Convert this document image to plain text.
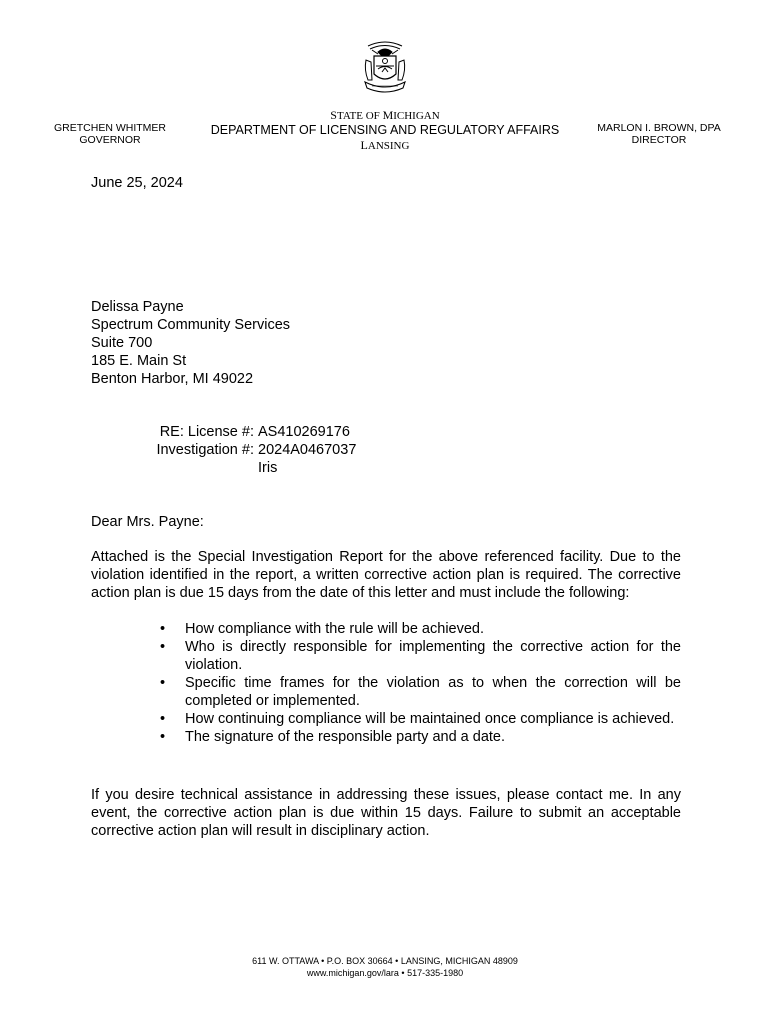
GRETCHEN WHITMER
GOVERNOR
STATE OF MICHIGAN
DEPARTMENT OF LICENSING AND REGULATORY AFFAIRS
LANSING
MARLON I. BROWN, DPA
DIRECTOR
June 25, 2024
Delissa Payne
Spectrum Community Services
Suite 700
185 E. Main St
Benton Harbor, MI 49022
RE: License #: AS410269176
Investigation #: 2024A0467037
Iris
Dear Mrs. Payne:
Attached is the Special Investigation Report for the above referenced facility. Due to the violation identified in the report, a written corrective action plan is required. The corrective action plan is due 15 days from the date of this letter and must include the following:
• How compliance with the rule will be achieved.
• Who is directly responsible for implementing the corrective action for the violation.
• Specific time frames for the violation as to when the correction will be completed or implemented.
• How continuing compliance will be maintained once compliance is achieved.
• The signature of the responsible party and a date.
If you desire technical assistance in addressing these issues, please contact me. In any event, the corrective action plan is due within 15 days. Failure to submit an acceptable corrective action plan will result in disciplinary action.
611 W. OTTAWA • P.O. BOX 30664 • LANSING, MICHIGAN 48909
www.michigan.gov/lara • 517-335-1980
